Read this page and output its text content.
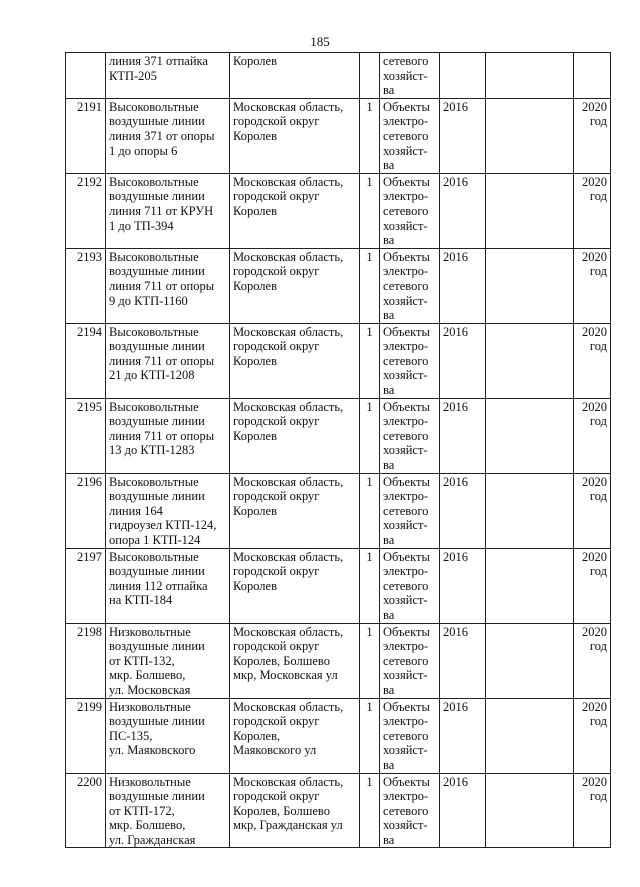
185

	линия 371 отпайка
КТП-205	Королев		сетевого
хозяйст-
ва			

2191	Высоковольтные
воздушные линии
линия 371 от опоры
1 до опоры 6	Московская область,
городской округ
Королев	1	Объекты
электро-
сетевого
хозяйст-
ва	2016		2020
год

2192	Высоковольтные
воздушные линии
линия 711 от КРУН
1 до ТП-394	Московская область,
городской округ
Королев	1	Объекты
электро-
сетевого
хозяйст-
ва	2016		2020
год

2193	Высоковольтные
воздушные линии
линия 711 от опоры
9 до КТП-1160	Московская область,
городской округ
Королев	1	Объекты
электро-
сетевого
хозяйст-
ва	2016		2020
год

2194	Высоковольтные
воздушные линии
линия 711 от опоры
21 до КТП-1208	Московская область,
городской округ
Королев	1	Объекты
электро-
сетевого
хозяйст-
ва	2016		2020
год

2195	Высоковольтные
воздушные линии
линия 711 от опоры
13 до КТП-1283	Московская область,
городской округ
Королев	1	Объекты
электро-
сетевого
хозяйст-
ва	2016		2020
год

2196	Высоковольтные
воздушные линии
линия 164
гидроузел КТП-124,
опора 1 КТП-124	Московская область,
городской округ
Королев	1	Объекты
электро-
сетевого
хозяйст-
ва	2016		2020
год

2197	Высоковольтные
воздушные линии
линия 112 отпайка
на КТП-184	Московская область,
городской округ
Королев	1	Объекты
электро-
сетевого
хозяйст-
ва	2016		2020
год

2198	Низковольтные
воздушные линии
от КТП-132,
мкр. Болшево,
ул. Московская	Московская область,
городской округ
Королев, Болшево
мкр, Московская ул	1	Объекты
электро-
сетевого
хозяйст-
ва	2016		2020
год

2199	Низковольтные
воздушные линии
ПС-135,
ул. Маяковского	Московская область,
городской округ
Королев,
Маяковского ул	1	Объекты
электро-
сетевого
хозяйст-
ва	2016		2020
год

2200	Низковольтные
воздушные линии
от КТП-172,
мкр. Болшево,
ул. Гражданская	Московская область,
городской округ
Королев, Болшево
мкр, Гражданская ул	1	Объекты
электро-
сетевого
хозяйст-
ва	2016		2020
год
